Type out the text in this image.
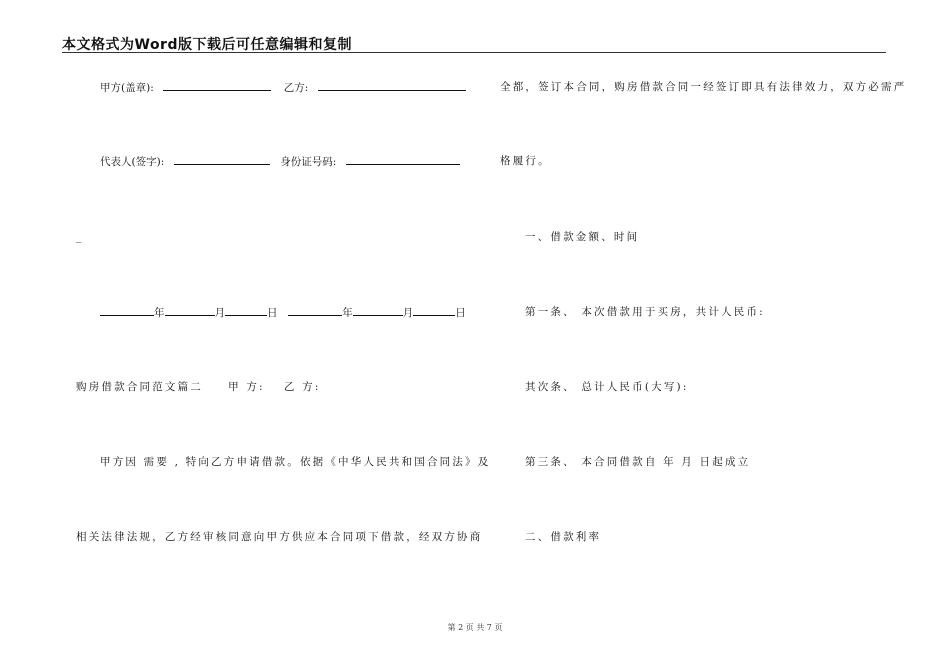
本文格式为Word版下载后可任意编辑和复制
甲方(盖章):	乙方:
代表人(签字):	身份证号码:
_
年	月	日	年	月	日
购房借款合同范文篇二 甲 方: 乙 方:
甲方因 需要 , 特向乙方申请借款。依据《中华人民共和国合同法》及
相关法律法规，乙方经审核同意向甲方供应本合同项下借款，经双方协商
全都，签订本合同，购房借款合同一经签订即具有法律效力，双方必需严
格履行。
一、借款金额、时间
第一条、 本次借款用于买房，共计人民币:
其次条、 总计人民币(大写):
第三条、 本合同借款自 年 月 日起成立
二、借款利率
第 2 页 共 7 页
